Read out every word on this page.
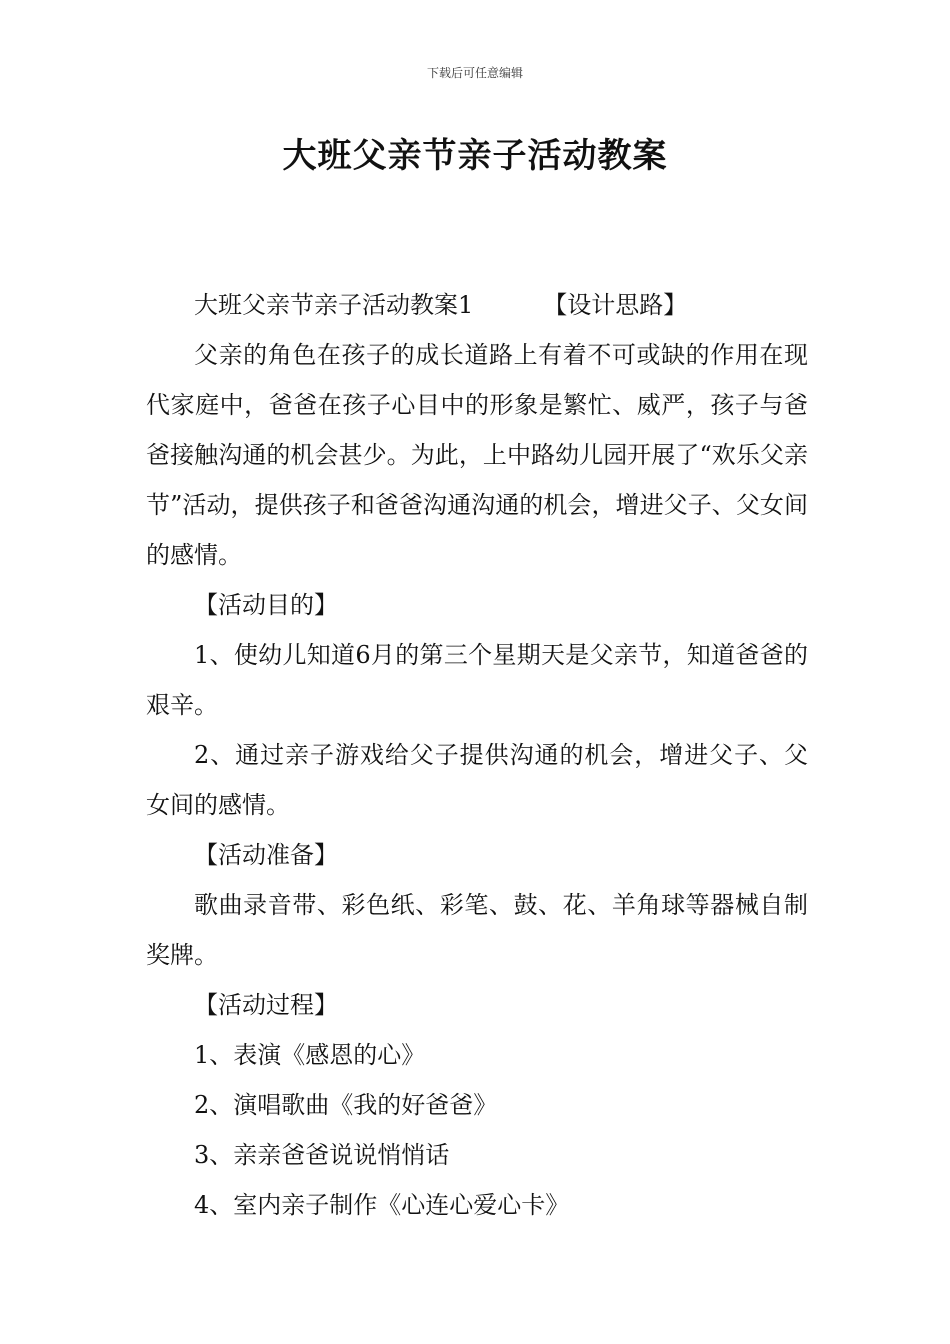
下载后可任意编辑
大班父亲节亲子活动教案

大班父亲节亲子活动教案1	【设计思路】

父亲的角色在孩子的成长道路上有着不可或缺的作用在现代家庭中，爸爸在孩子心目中的形象是繁忙、威严，孩子与爸爸接触沟通的机会甚少。为此，上中路幼儿园开展了“欢乐父亲节”活动，提供孩子和爸爸沟通沟通的机会，增进父子、父女间的感情。

【活动目的】

1、使幼儿知道6月的第三个星期天是父亲节，知道爸爸的艰辛。

2、通过亲子游戏给父子提供沟通的机会，增进父子、父女间的感情。

【活动准备】

歌曲录音带、彩色纸、彩笔、鼓、花、羊角球等器械自制奖牌。

【活动过程】

1、表演《感恩的心》

2、演唱歌曲《我的好爸爸》

3、亲亲爸爸说说悄悄话

4、室内亲子制作《心连心爱心卡》
